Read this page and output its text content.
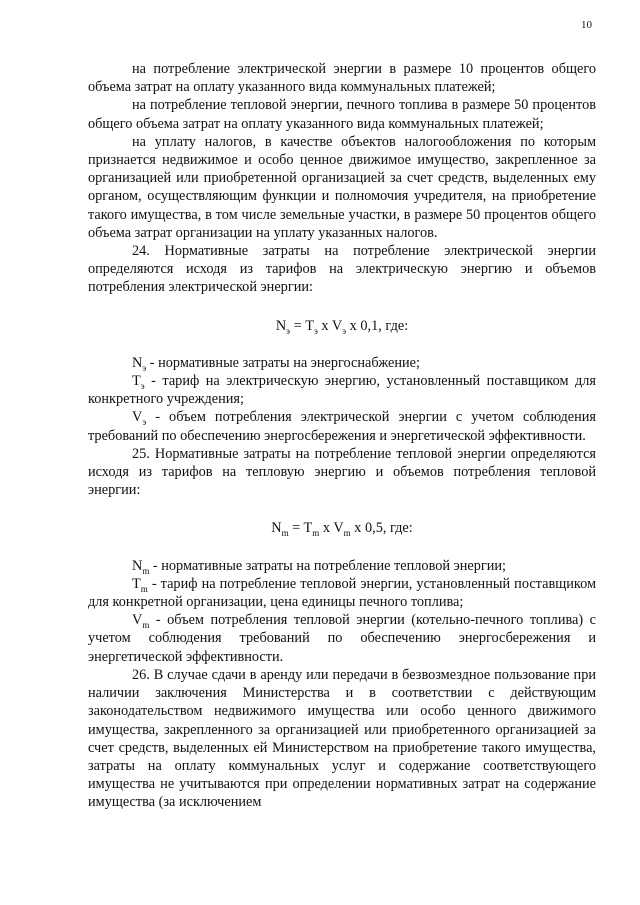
10

на потребление электрической энергии в размере 10 процентов общего объема затрат на оплату указанного вида коммунальных платежей;

на потребление тепловой энергии, печного топлива в размере 50 процентов общего объема затрат на оплату указанного вида коммунальных платежей;

на уплату налогов, в качестве объектов налогообложения по которым признается недвижимое и особо ценное движимое имущество, закрепленное за организацией или приобретенной организацией за счет средств, выделенных ему органом, осуществляющим функции и полномочия учредителя, на приобретение такого имущества, в том числе земельные участки, в размере 50 процентов общего объема затрат организации на уплату указанных налогов.

24. Нормативные затраты на потребление электрической энергии определяются исходя из тарифов на электрическую энергию и объемов потребления электрической энергии:

$N_э = T_э$ x $V_э$ x 0,1, где:

$N_э$ - нормативные затраты на энергоснабжение;

$T_э$ - тариф на электрическую энергию, установленный поставщиком для конкретного учреждения;

$V_э$ - объем потребления электрической энергии с учетом соблюдения требований по обеспечению энергосбережения и энергетической эффективности.

25. Нормативные затраты на потребление тепловой энергии определяются исходя из тарифов на тепловую энергию и объемов потребления тепловой энергии:

$N_m = T_m$ x $V_m$ x 0,5, где:

$N_m$ - нормативные затраты на потребление тепловой энергии;

$T_m$ - тариф на потребление тепловой энергии, установленный поставщиком для конкретной организации, цена единицы печного топлива;

$V_m$ - объем потребления тепловой энергии (котельно-печного топлива) с учетом соблюдения требований по обеспечению энергосбережения и энергетической эффективности.

26. В случае сдачи в аренду или передачи в безвозмездное пользование при наличии заключения Министерства и в соответствии с действующим законодательством недвижимого имущества или особо ценного движимого имущества, закрепленного за организацией или приобретенного организацией за счет средств, выделенных ей Министерством на приобретение такого имущества, затраты на оплату коммунальных услуг и содержание соответствующего имущества не учитываются при определении нормативных затрат на содержание имущества (за исключением
